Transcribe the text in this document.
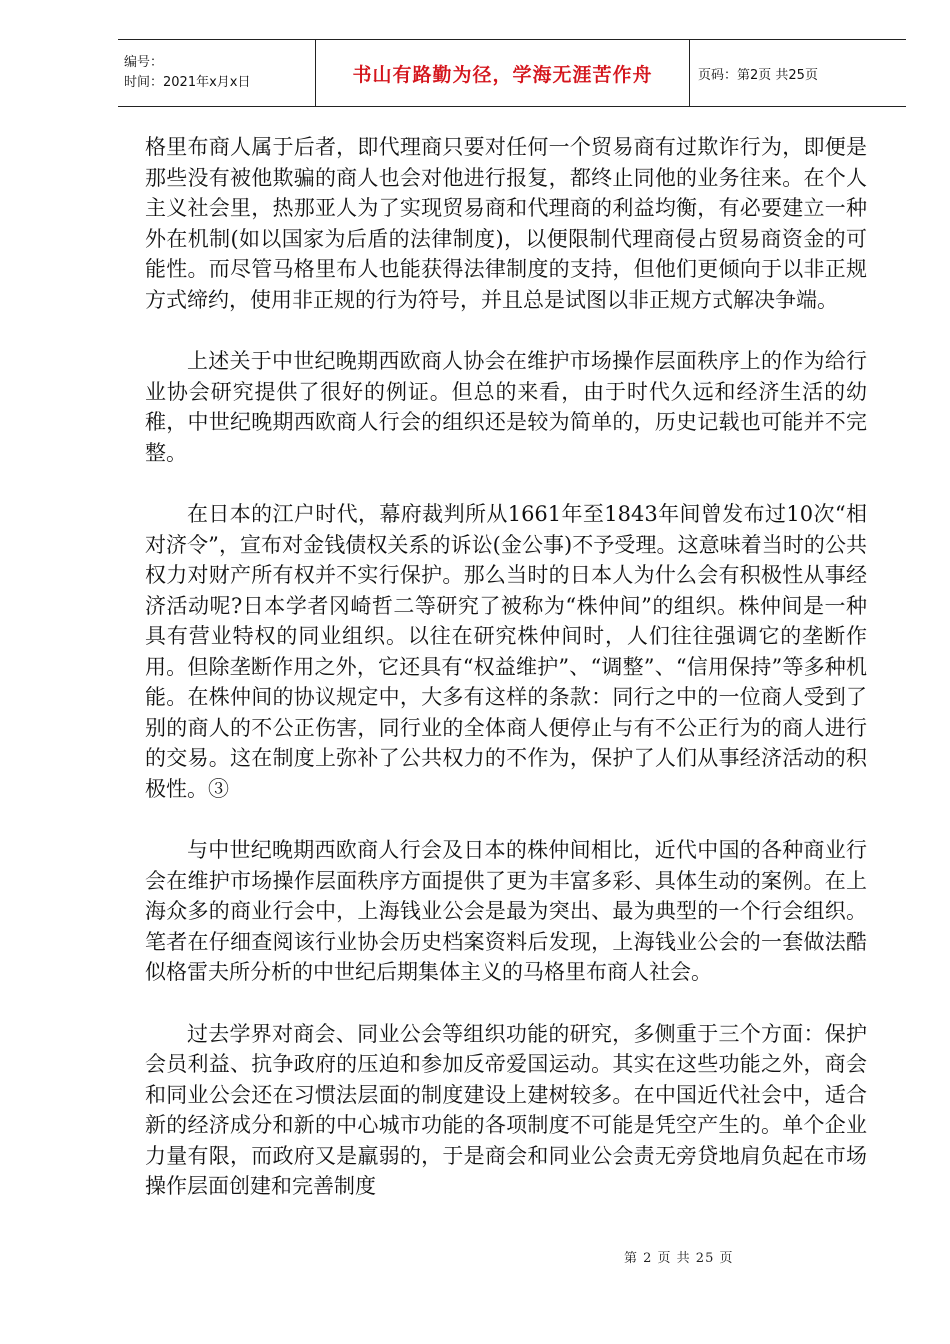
编号：
时间：2021年x月x日	书山有路勤为径，学海无涯苦作舟	页码：第2页 共25页

格里布商人属于后者，即代理商只要对任何一个贸易商有过欺诈行为，即便是那些没有被他欺骗的商人也会对他进行报复，都终止同他的业务往来。在个人主义社会里，热那亚人为了实现贸易商和代理商的利益均衡，有必要建立一种外在机制(如以国家为后盾的法律制度)，以便限制代理商侵占贸易商资金的可能性。而尽管马格里布人也能获得法律制度的支持，但他们更倾向于以非正规方式缔约，使用非正规的行为符号，并且总是试图以非正规方式解决争端。

上述关于中世纪晚期西欧商人协会在维护市场操作层面秩序上的作为给行业协会研究提供了很好的例证。但总的来看，由于时代久远和经济生活的幼稚，中世纪晚期西欧商人行会的组织还是较为简单的，历史记载也可能并不完整。

在日本的江户时代，幕府裁判所从1661年至1843年间曾发布过10次“相对济令”，宣布对金钱债权关系的诉讼(金公事)不予受理。这意味着当时的公共权力对财产所有权并不实行保护。那么当时的日本人为什么会有积极性从事经济活动呢?日本学者冈崎哲二等研究了被称为“株仲间”的组织。株仲间是一种具有营业特权的同业组织。以往在研究株仲间时，人们往往强调它的垄断作用。但除垄断作用之外，它还具有“权益维护”、“调整”、“信用保持”等多种机能。在株仲间的协议规定中，大多有这样的条款：同行之中的一位商人受到了别的商人的不公正伤害，同行业的全体商人便停止与有不公正行为的商人进行的交易。这在制度上弥补了公共权力的不作为，保护了人们从事经济活动的积极性。③

与中世纪晚期西欧商人行会及日本的株仲间相比，近代中国的各种商业行会在维护市场操作层面秩序方面提供了更为丰富多彩、具体生动的案例。在上海众多的商业行会中，上海钱业公会是最为突出、最为典型的一个行会组织。笔者在仔细查阅该行业协会历史档案资料后发现，上海钱业公会的一套做法酷似格雷夫所分析的中世纪后期集体主义的马格里布商人社会。

过去学界对商会、同业公会等组织功能的研究，多侧重于三个方面：保护会员利益、抗争政府的压迫和参加反帝爱国运动。其实在这些功能之外，商会和同业公会还在习惯法层面的制度建设上建树较多。在中国近代社会中，适合新的经济成分和新的中心城市功能的各项制度不可能是凭空产生的。单个企业力量有限，而政府又是羸弱的，于是商会和同业公会责无旁贷地肩负起在市场操作层面创建和完善制度

第 2 页 共 25 页
